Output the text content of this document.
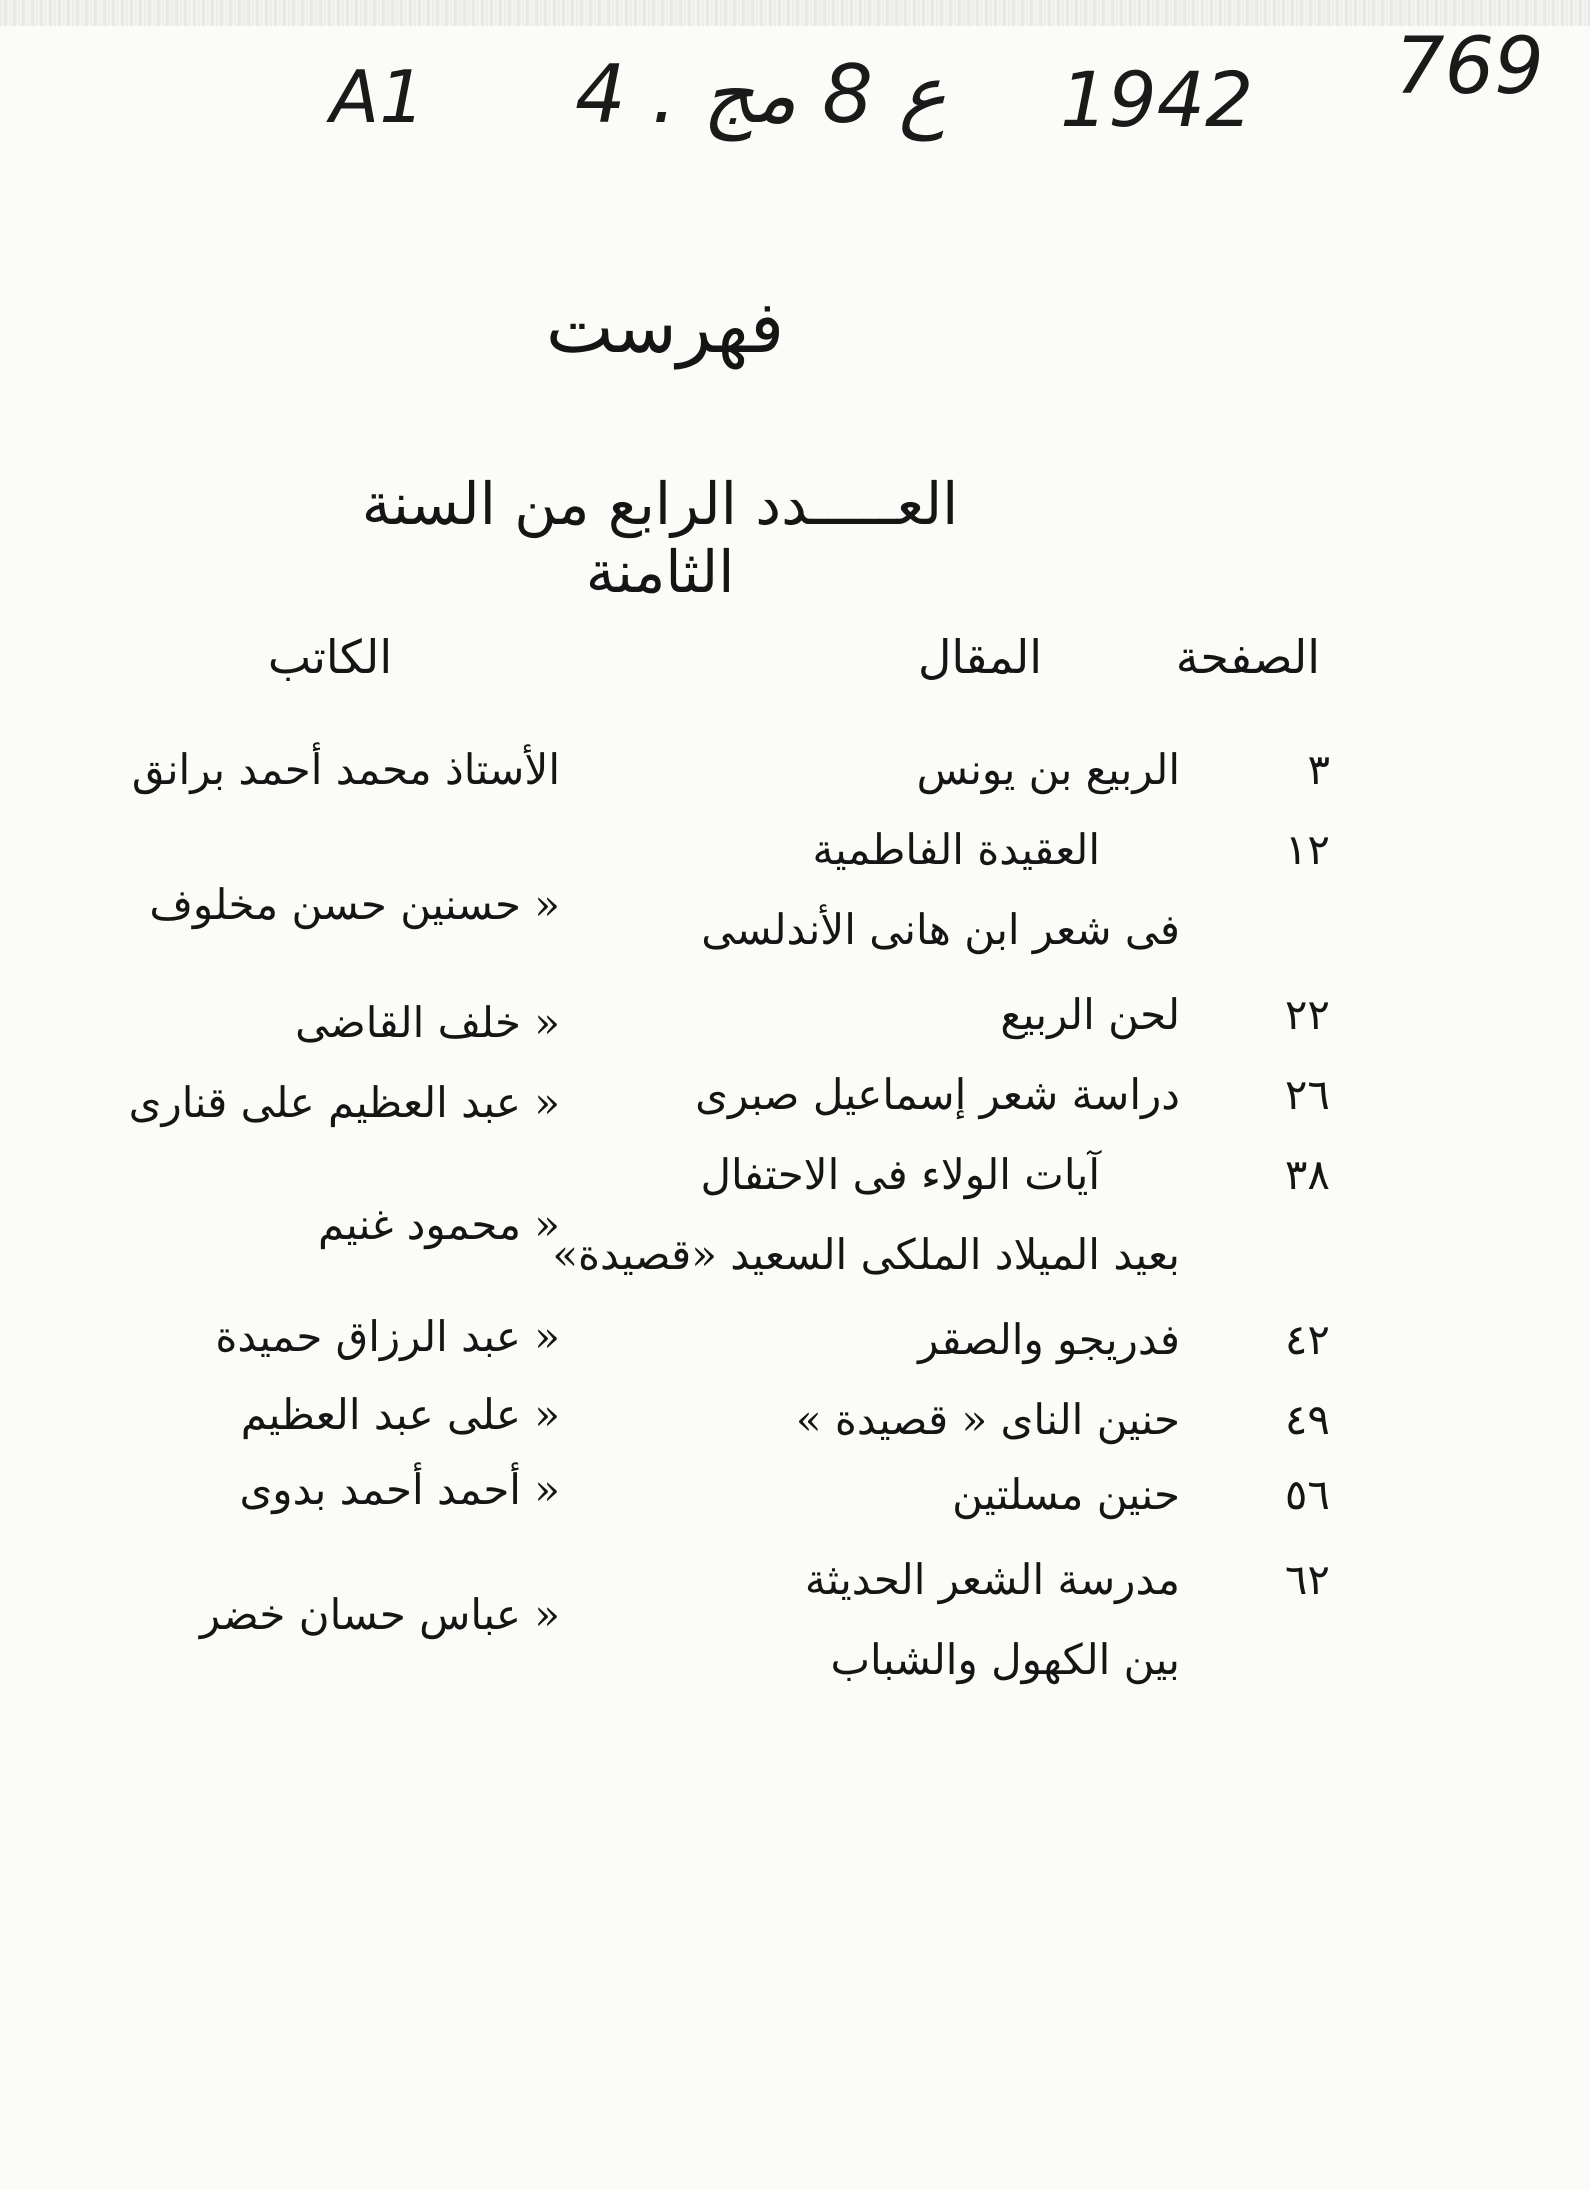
A1 4 . ع 8 مج 1942 769
فهرست
العـــــدد الرابع من السنة الثامنة
الصفحة
المقال
الكاتب
٣
الربيع بن يونس
الأستاذ محمد أحمد برانق
١٢
العقيدة الفاطمية
« حسنين حسن مخلوف
فى شعر ابن هانى الأندلسى
٢٢
لحن الربيع
« خلف القاضى
٢٦
دراسة شعر إسماعيل صبرى
« عبد العظيم على قنارى
٣٨
آيات الولاء فى الاحتفال
« محمود غنيم
بعيد الميلاد الملكى السعيد «قصيدة»
٤٢
فدريجو والصقر
« عبد الرزاق حميدة
٤٩
حنين الناى « قصيدة »
« على عبد العظيم
٥٦
حنين مسلتين
« أحمد أحمد بدوى
٦٢
مدرسة الشعر الحديثة
« عباس حسان خضر
بين الكهول والشباب
